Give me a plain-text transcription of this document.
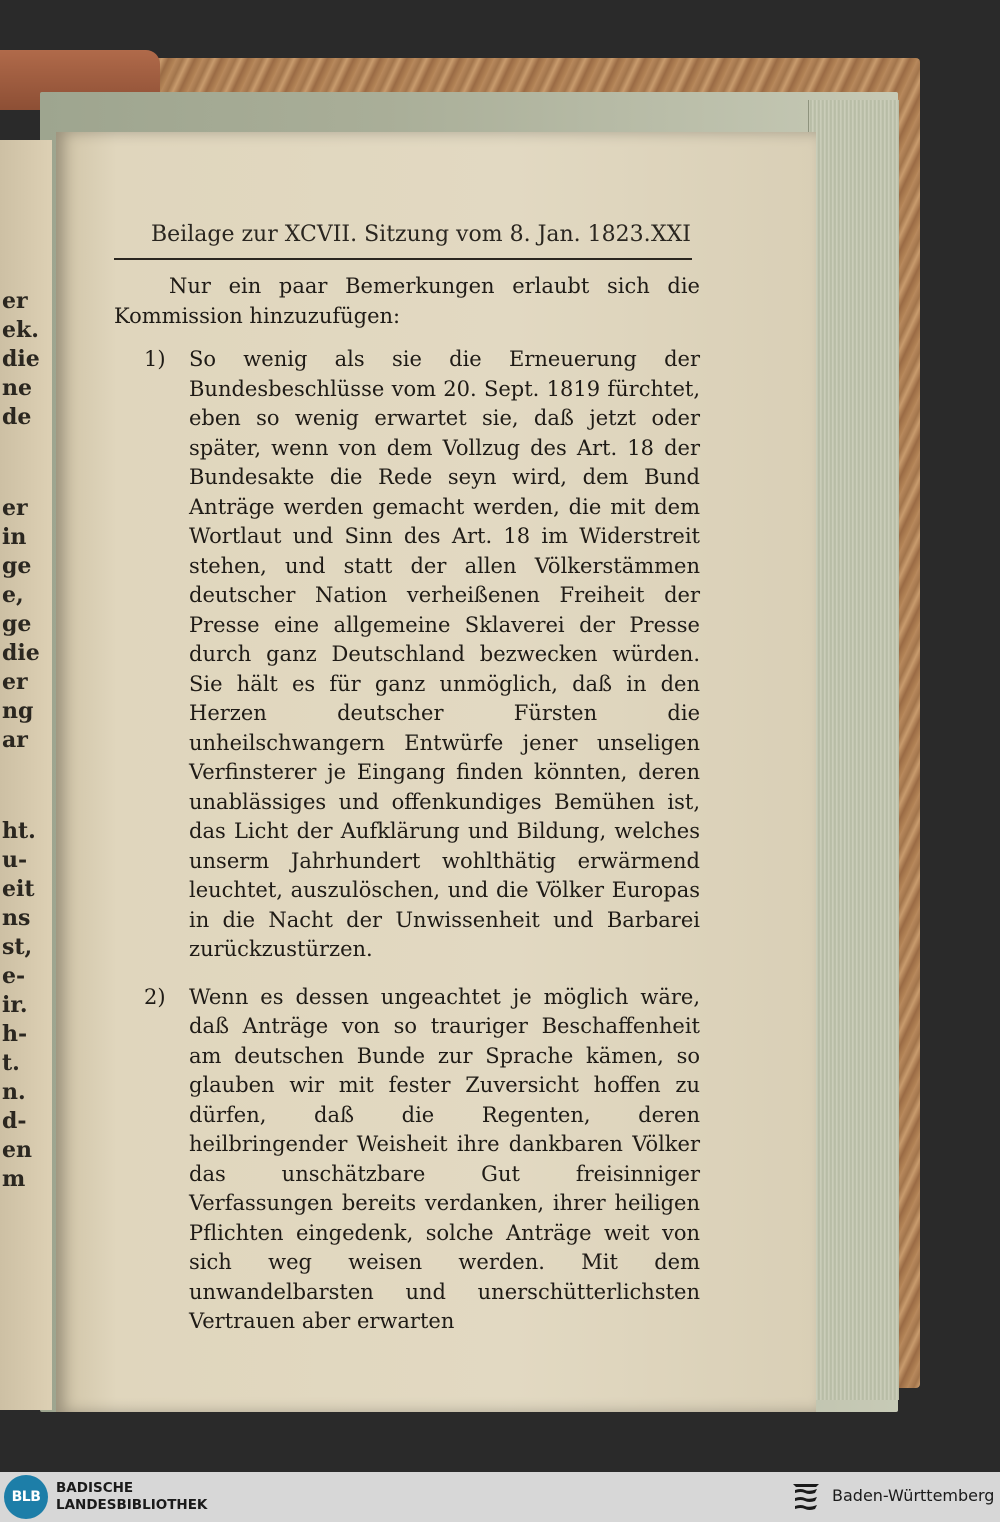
er
ek.
die
ne
de
er
in
ge
e,
ge
die
er
ng
ar
ht.
u-
eit
ns
st,
e-
ir.
h-
t.
n.
d-
en
m
Beilage zur XCVII. Sitzung vom 8. Jan. 1823. XXI

Nur ein paar Bemerkungen erlaubt sich die Kommission hinzuzufügen:

1) So wenig als sie die Erneuerung der Bundesbeschlüsse vom 20. Sept. 1819 fürchtet, eben so wenig erwartet sie, daß jetzt oder später, wenn von dem Vollzug des Art. 18 der Bundesakte die Rede seyn wird, dem Bund Anträge werden gemacht werden, die mit dem Wortlaut und Sinn des Art. 18 im Widerstreit stehen, und statt der allen Völkerstämmen deutscher Nation verheißenen Freiheit der Presse eine allgemeine Sklaverei der Presse durch ganz Deutschland bezwecken würden. Sie hält es für ganz unmöglich, daß in den Herzen deutscher Fürsten die unheilschwangern Entwürfe jener unseligen Verfinsterer je Eingang finden könnten, deren unablässiges und offenkundiges Bemühen ist, das Licht der Aufklärung und Bildung, welches unserm Jahrhundert wohlthätig erwärmend leuchtet, auszulöschen, und die Völker Europas in die Nacht der Unwissenheit und Barbarei zurückzustürzen.
2) Wenn es dessen ungeachtet je möglich wäre, daß Anträge von so trauriger Beschaffenheit am deutschen Bunde zur Sprache kämen, so glauben wir mit fester Zuversicht hoffen zu dürfen, daß die Regenten, deren heilbringender Weisheit ihre dankbaren Völker das unschätzbare Gut freisinniger Verfassungen bereits verdanken, ihrer heiligen Pflichten eingedenk, solche Anträge weit von sich weg weisen werden. Mit dem unwandelbarsten und unerschütterlichsten Vertrauen aber erwarten
BLB
BADISCHE
LANDESBIBLIOTHEK	Baden-Württemberg
